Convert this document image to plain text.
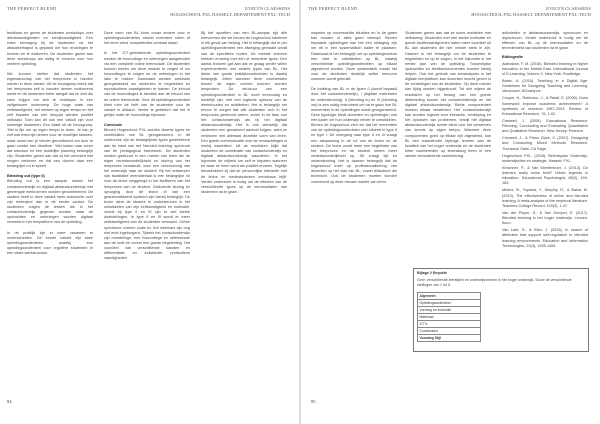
THE PERFECT BLEND	EVELYN CLAESSENS
HOGESCHOOL PXL HASSELT, DEPARTEMENT PXL-TECH

feedback en geven de studenten workshops over debatvaardigheden en schrijfvaardigheid. Een extra bevraging bij de studenten na het afstudeertraject is gepland om hun ervaringen te kennen en te evalueren. De studenten gaven aan deze workshops als nuttig te ervaren voor hun verdere opleiding.

We kunnen stellen dat studenten het eigenaarschap van het leerproces in handen nemen in deze variant. Uit de focusgroep bleek dat het leerproces zelf in handen nemen motiverend werkt en de studenten beter aangaf dat ze zich als kans krijgen om zich te verdiepen in een zelfgekozen onderwerp. De hoge mate van zelfstandigheid, het werken op eigen tempo en het zelf bepalen van een leerpad werden positief onthaald. Toch kan dit ook een valkuil zijn voor sommige studenten. Een citaat uit de focusgroep: 'Het is fijn om op eigen tempo te leren. Je kan je zelf wat extra tijd nemen voor de moeilijke stukken, maar soms ben je minder gemotiveerd om door te gaan zonder een deadline.' Wel kwam naar voren dat structuur en een duidelijke planning belangrijk zijn. Studenten gaven aan dat zij het overzicht niet mogen verliezen en dat een docent daar een belangrijke rol in speelt.

Blending out (type II)

Blending out is een aanpak waarin het contactonderwijs en digitaal afstandsonderwijs met gemengde werkvormen worden gecombineerd. De student heeft in deze variant meer autonomie over zijn leertraject dan in de eerste variant. De studenten volgen de lessen die in het contactonderwijs gegeven worden maar de opdrachten en oefeningen worden digitaal verwerkt in het leerplatform van de opleiding.

In de praktijk zijn er twee varianten te onderscheiden. De eerste variant zijn twee opleidingsonderdelen waarbij een opleidingsonderdeel voor reguliere studenten in een vaste werkstructuur.

Deze vorm van BL komt onder andere voor in opleidingsonderdelen waarin meerdere rollen of het leren werd 'competenties centraal staan'.

In het ICT-gerelateerde opleidingsonderdeel werden de hoorcollege en oefeningen aangeboden via een compleet online leermodule. De studenten kunnen kiezen om deze module te volgen of om hoorcolleges te volgen en de oefeningen in het labo te maken. Daarnaast werden webinars georganiseerd om studenten te begeleiden en reproductieve vaardigheden te trainen. De inhoud van de hoorcolleges is identiek aan de inhoud van de online leermodule. Voor dit opleidingsonderdeel kiest ruim de helft van de studenten voor de variant in afstand. Verder is gebleken dat het in gelijke mate de hoorcollege bijwoont.

Conclusie

Binnen Hogeschool PXL worden diverse types en combinaties van BL georganiseerd. In dit onderzoek zijn de belangrijkste types gedefinieerd aan de hand van het 'blended learning' spectrum van de 'pedagogical framework'. De studenten worden gestuurd in een manier van leren die de eigen verantwoordelijkheid en sturing van het leerproces benadrukt, door een verschuiving van het onderwijs naar de student. Bij het ontwerpen van kwalitatief leermateriaal is een belangrijke rol voor de lector weggelegd in het faciliteren van het leerproces van de student. Voldoende sturing en opvolging door de lector of van een geautomatiseerd systeem zijn hierbij belangrijk. De lector dient de student te ondersteunen in het ontwikkelen van zijn zelfstandigheid en motivatie, vooral bij type II en III zijn er wel sterke doelstellingen. In type II en III wordt er meer zelfstandigheid van de studenten verwacht. Online synchrone vormen zoals bv. live webinars zijn nog niet echt ingeburgerd. Tijdens het contactonderwijs zijn mondelinge, een hoorcollege en oefensessie aan de orde en vooral een goede begeleiding. Het voordeel van verschillende kanalen en differentiatie en individuele productieve vaardigheden.

Bij het opzetten van een BL-aanpak zijn alle leervormen die we binnen de hogeschool hanteren in elk geval van belang. Het is belangrijk dat er per opleidingsonderdeel een afweging gemaakt wordt van de specifieke noden. De meeste lectoren hebben ervaring met één of meerdere types. Een aantal lectoren gaf aan dat ze graag verder willen experimenteren met andere types van BL. Het delen van goede praktijkvoorbeelden is daarbij belangrijk. Zeker wanneer deze voorbeelden binnen de eigen context kunnen worden besproken. De structuur van een opleidingsonderdeel in BL moet eenvoudig en duidelijk zijn, met een logische opbouw van de leerinhouden en activiteiten. Het is belangrijk om ervoor te zorgen dat alle studenten zich in het leerproces gesteund weten, zowel in de fase van het contactonderwijs als bij het digitaal afstandsonderwijs. Het is ook wenselijk dat studenten een gevarieerd aanbod krijgen, want ze verkiezen niet allemaal dezelfde vorm van leren. Een goede communicatie over de verwachtingen is hierbij essentieel. Uit de resultaten blijkt dat studenten de combinatie van contactonderwijs en digitaal afstandsonderwijs waarderen. In het bijzonder de vrijheid om zelf te bepalen wanneer en waar ze leren werd als positief ervaren. Tegelijk benadrukken zij dat de persoonlijke interactie met de lector en medestudenten onmisbaar blijft. Verder onderzoek is nodig om de effecten van de verschillende types op de leerresultaten van studenten na te gaan.

84
THE PERFECT BLEND	EVELYN CLAESSENS
HOGESCHOOL PXL HASSELT, DEPARTEMENT PXL-TECH

inspelen op onverwachte situaties en in de gaten kan houden of alles goed verloopt. Binnen bepaalde opleidingen kan het een uitdaging zijn om dit in een systematisch kader te plaatsen. Daarnaast is het belangrijk om op opleidingsniveau een visie te ontwikkelen op BL, waarbij verschillende opleidingsonderdelen op elkaar afgestemd worden. Deze systematiek maakt het voor de studenten duidelijk welke leervorm wanneer wordt gebruikt.

De indeling van BL in de typen 0 (wordt bepaald door het contactonderwijs), I (digitale materialen ter ondersteuning), II (blending in) en III (blending out) is een nuttig instrument om na te gaan hoe BL momenteel in de opleidingen wordt georganiseerd. Deze typologie biedt docenten en opleidingen ook een kader om hun onderwijs verder te ontwikkelen. Binnen de hogeschool zien we dat het merendeel van de opleidingsonderdelen zich situeert in type 0 en type I. De overgang naar type II en III vraagt een aanpassing in de rol van de lector en de student. De lector wordt meer een begeleider van het leerproces en de student neemt meer verantwoordelijkheid op. Dit vraagt tijd en ondersteuning. Het is daarom belangrijk dat de hogeschool inzet op professionalisering van docenten op het vlak van BL, zowel didactisch als technisch. Ook de studenten moeten worden voorbereid op deze nieuwe manier van leren.

Studenten gaven aan dat ze soms worstelen met zelfsturing. Studenten met een sterke motivatie en goede studievaardigheden halen meer voordeel uit BL dan studenten die hier minder sterk in zijn. Daarom is het belangrijk om de studenten te begeleiden en op te volgen, in het bijzonder in het eerste jaar van de opleiding. Tussentijdse opdrachten en feedbackmomenten kunnen hierbij helpen. Ook het gebruik van leeranalyses in het digitale leerplatform kan docenten inzicht geven in de vorderingen van de studenten. Op deze manier kan tijdig worden bijgestuurd. Tot slot wijzen de resultaten op het belang van een goede afstemming tussen het contactonderwijs en het digitaal afstandsonderwijs. Beide componenten moeten elkaar versterken. Het contactonderwijs kan worden ingezet voor interactie, verdieping en het oplossen van problemen, terwijl het digitaal afstandsonderwijs ruimte biedt voor het verwerven van kennis op eigen tempo. Wanneer deze componenten goed op elkaar zijn afgestemd, kan BL een waardevolle bijdrage leveren aan de kwaliteit van het hoger onderwijs en de studenten beter voorbereiden op levenslang leren in een steeds veranderende samenleving.

activiteiten in afstandsonderwijs, synchroon en asynchroon. Verder onderzoek is nodig om de effecten van BL op de leerresultaten en de tevredenheid van studenten na te gaan.

Bibliografie

Alalhabari, F. M. (2016). Blended learning in higher education in the Middle East. International Journal of E-Learning, Volume 2. New York: Routledge.

Bates, A. (2015). Teaching in a Digital Age: Guidelines for Designing Teaching and Learning. Vancouver: BCcampus.

Cooper, H., Robinson, J., & Patall, E. (2006). Does homework improve academic achievement? A synthesis of research 1987-2003. Review of Educational Research, 76, 1-62.

Creswell, J. (2008). Educational Research: Planning, Conducting and Evaluating Quantitative and Qualitative Research. New Jersey: Pearson.

Creswell, J., & Plano Clark, V. (2007). Designing and Conducting Mixed Methods Research. Thousand Oaks: CA Sage.

Hogeschool PXL. (2016). Beleidsplan Onderwijs: onderwijsvisie en strategie. Hasselt: PXL.

Kirschner, P., & Van Merriënboer, J. (2013). Do learners really know best? Urban legends in education. Educational Psychologist, 48(3), 169-183.

Means, B., Toyama, Y., Murphy, R., & Bakia, M. (2013). The effectiveness of online and blended learning: A meta-analysis of the empirical literature. Teachers College Record, 115(3), 1-47.

Van der Pluym, S., & Van Gompel, E. (2017). Blended learning in het hoger onderwijs. Leuven: Acco.

Van Laer, S., & Elen, J. (2016). In search of attributes that support self-regulation in blended learning environments. Education and Information Technologies, 22(4), 1395-1454.

Bijlage 2 Enquête
Over: verschillende leerstijlen en onderwijsvormen in het hoger onderwijs. Scoor de verschillende stellingen van 1 tot 5.
Algemeen
Opleidingsonderdeel
Vorming en instructie
Materiaal
ICT's
Conclusions
Vooraleg Stijl
85
